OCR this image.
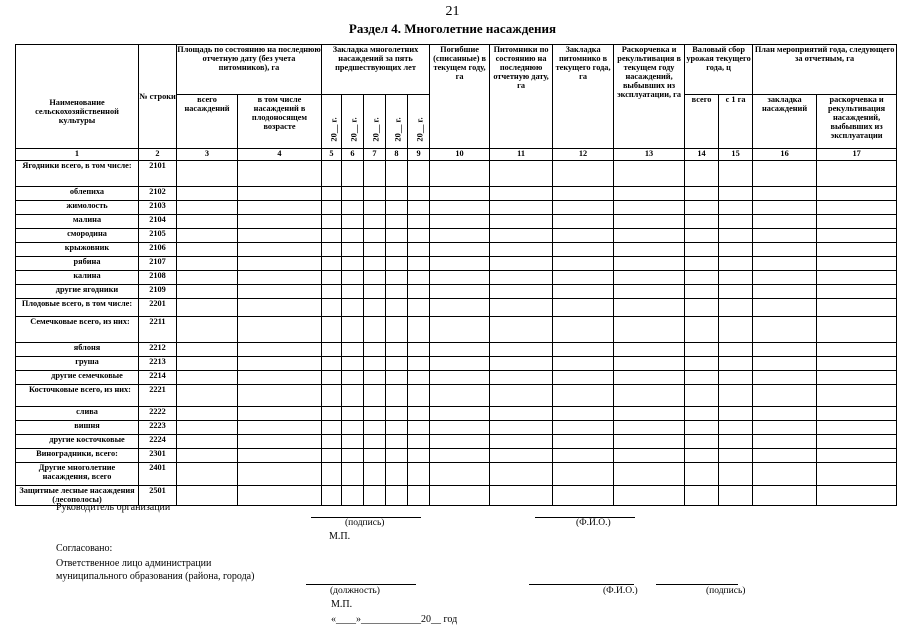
21
Раздел 4. Многолетние насаждения
Наименование сельскохозяйственной культуры	№ строки	Площадь по состоянию на последнюю отчетную дату (без учета питомников), га		Закладка многолетних насаждений за пять предшествующих лет					Погибшие (списанные) в текущем году, га	Питомники по состоянию на последнюю отчетную дату, га	Закладка питомнико в текущего года, га	Раскорчевка и рекультивация в текущем году насаждений, выбывших из эксплуатации, га	Валовый сбор урожая текущего года, ц		План мероприятий года, следующего за отчетным, га	
		всего насаждений	в том числе насаждений в плодоносящем возрасте	20__ г.	20__ г.	20__ г.	20__ г.	20__ г.					всего	с 1 га	закладка насаждений	раскорчевка и рекультивация насаждений, выбывших из эксплуатации

1	2	3	4	5	6	7	8	9	10	11	12	13	14	15	16	17
Ягодники всего, в том числе:	2101															
облепиха	2102															
жимолость	2103															
малина	2104															
смородина	2105															
крыжовник	2106															
рябина	2107															
калина	2108															
другие ягодники	2109															
Плодовые всего, в том числе:	2201															
Семечковые всего, из них:	2211															
яблоня	2212															
груша	2213															
другие семечковые	2214															
Косточковые всего, из них:	2221															
слива	2222															
вишня	2223															
другие косточковые	2224															
Виноградники, всего:	2301															
Другие многолетние насаждения, всего	2401															
Защитные лесные насаждения (лесополосы)	2501															
Руководитель организации
(подпись)	(Ф.И.О.)
М.П.
Согласовано:
Ответственное лицо администрации
муниципального образования (района, города)
(должность)	(Ф.И.О.)	(подпись)
М.П.
«____»____________20__ год
